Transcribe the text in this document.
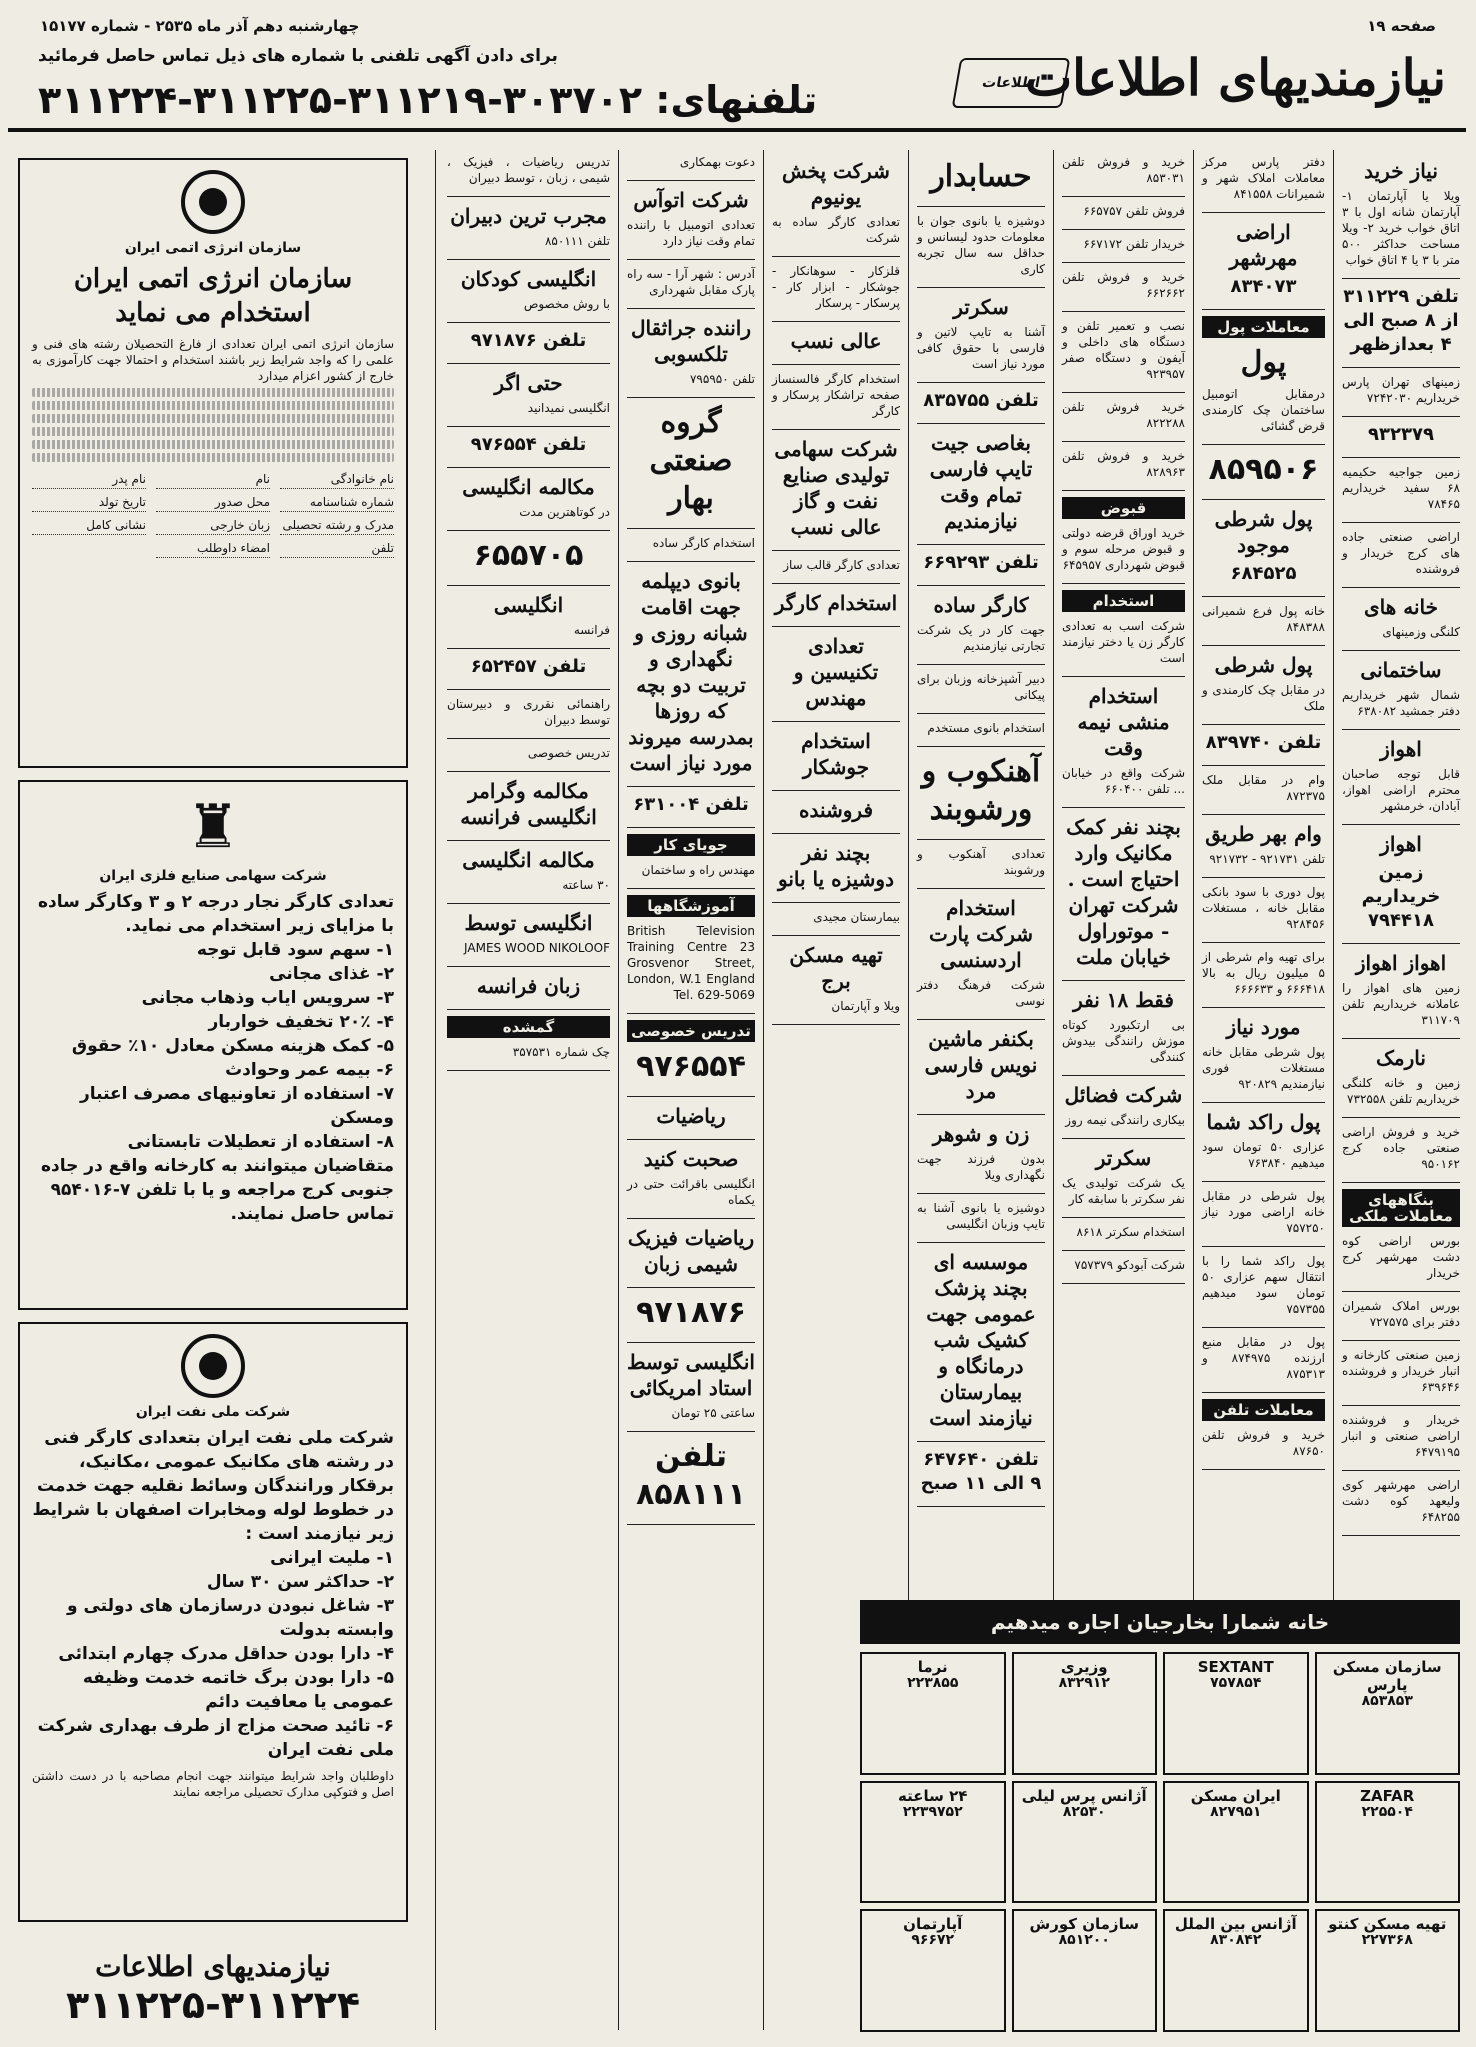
صفحه ۱۹
چهارشنبه دهم آذر ماه ۲۵۳۵ - شماره ۱۵۱۷۷
نیازمندیهای اطلاعات
اطلاعات
برای دادن آگهی تلفنی با شماره های ذیل تماس حاصل فرمائید
تلفنهای: ۳۰۳۷۰۲-۳۱۱۲۱۹-۳۱۱۲۲۵-۳۱۱۲۲۴
نیاز خرید
ویلا یا آپارتمان ۱- آپارتمان شانه اول با ۳ اتاق خواب خرید ۲- ویلا مساحت حداکثر ۵۰۰ متر با ۳ یا ۴ اتاق خواب
تلفن ۳۱۱۲۲۹ از ۸ صبح الی ۴ بعدازظهر
زمینهای تهران پارس خریداریم ۷۲۴۲۰۳۰
۹۳۲۳۷۹
زمین جواجیه حکیمیه ۶۸ سفید خریداریم ۷۸۴۶۵
اراضی صنعتی جاده های کرج خریدار و فروشنده
خانه های
کلنگی وزمینهای
ساختمانی
شمال شهر خریداریم دفتر جمشید ۶۳۸۰۸۲
اهواز
قابل توجه صاحبان محترم اراضی اهواز، آبادان، خرمشهر
اهواز
زمین خریداریم ۷۹۴۴۱۸
اهواز اهواز
زمین های اهواز را عاملانه خریداریم تلفن ۳۱۱۷۰۹
نارمک
زمین و خانه کلنگی خریداریم تلفن ۷۳۲۵۵۸
خرید و فروش اراضی صنعتی جاده کرج ۹۵۰۱۶۲
بنگاههای معاملات ملکی
بورس اراضی کوه دشت مهرشهر کرج خریدار
بورس املاک شمیران دفتر برای ۷۲۷۵۷۵
زمین صنعتی کارخانه و انبار خریدار و فروشنده ۶۳۹۶۴۶
خریدار و فروشنده اراضی صنعتی و انبار ۶۴۷۹۱۹۵
اراضی مهرشهر کوی ولیعهد کوه دشت ۶۴۸۲۵۵
دفتر پارس مرکز معاملات املاک شهر و شمیرانات ۸۴۱۵۵۸
اراضی مهرشهر
۸۳۴۰۷۳
معاملات پول
پول
درمقابل اتومبیل ساختمان چک کارمندی قرض گشائی
۸۵۹۵۰۶
پول شرطی موجود
۶۸۴۵۲۵
خانه پول فرع شمیرانی ۸۴۸۳۸۸
پول شرطی
در مقابل چک کارمندی و ملک
تلفن ۸۳۹۷۴۰
وام در مقابل ملک ۸۷۲۳۷۵
وام بهر طریق
تلفن ۹۲۱۷۳۱ - ۹۲۱۷۳۲
پول دوری با سود بانکی مقابل خانه ، مستغلات ۹۲۸۴۵۶
برای تهیه وام شرطی از ۵ میلیون ریال به بالا ۶۶۶۴۱۸ و ۶۶۶۶۳۳
مورد نیاز
پول شرطی مقابل خانه مستغلات فوری نیازمندیم ۹۲۰۸۲۹
پول راکد شما
عزاری ۵۰ تومان سود میدهیم ۷۶۳۸۴۰
پول شرطی در مقابل خانه اراضی مورد نیاز ۷۵۷۲۵۰
پول راکد شما را با انتقال سهم عزاری ۵۰ تومان سود میدهیم ۷۵۷۳۵۵
پول در مقابل منبع ارزنده ۸۷۴۹۷۵ و ۸۷۵۳۱۳
معاملات تلفن
خرید و فروش تلفن ۸۷۶۵۰
خرید و فروش تلفن ۸۵۳۰۳۱
فروش تلفن ۶۶۵۷۵۷
خریدار تلفن ۶۶۷۱۷۲
خرید و فروش تلفن ۶۶۲۶۶۲
نصب و تعمیر تلفن و دستگاه های داخلی و آیفون و دستگاه صفر ۹۲۳۹۵۷
خرید فروش تلفن ۸۲۲۲۸۸
خرید و فروش تلفن ۸۲۸۹۶۳
قبوض
خرید اوراق قرضه دولتی و قبوض مرحله سوم و قبوض شهرداری ۶۴۵۹۵۷
استخدام
شرکت اسب به تعدادی کارگر زن یا دختر نیازمند است
استخدام منشی نیمه وقت
شرکت واقع در خیابان ... تلفن ۶۶۰۴۰۰
بچند نفر کمک مکانیک وارد احتیاج است . شرکت تهران - موتوراول خیابان ملت
فقط ۱۸ نفر
بی ارتکبورد کوتاه موزش رانندگی بیدوش کنندگی
شرکت فضائل
بیکاری رانندگی نیمه روز
سکرتر
یک شرکت تولیدی یک نفر سکرتر با سابقه کار
استخدام سکرتر ۸۶۱۸
شرکت آبودکو ۷۵۷۳۷۹
حسابدار
دوشیزه یا بانوی جوان با معلومات حدود لیسانس و حداقل سه سال تجربه کاری
سکرتر
آشنا به تایپ لاتین و فارسی با حقوق کافی مورد نیاز است
تلفن ۸۳۵۷۵۵
بغاصی جیت تایپ فارسی تمام وقت نیازمندیم
تلفن ۶۶۹۲۹۳
کارگر ساده
جهت کار در یک شرکت تجارتی نیازمندیم
دبیر آشپزخانه وزبان برای پیکانی
استخدام بانوی مستخدم
آهنکوب و ورشوبند
تعدادی آهنکوب و ورشوبند
استخدام شرکت پارت اردسنسی
شرکت فرهنگ دفتر نوسی
بکنفر ماشین نویس فارسی مرد
زن و شوهر
بدون فرزند جهت نگهداری ویلا
دوشیزه یا بانوی آشنا به تایپ وزبان انگلیسی
موسسه ای بچند پزشک عمومی جهت کشیک شب درمانگاه و بیمارستان نیازمند است
تلفن ۶۴۷۶۴۰ ۹ الی ۱۱ صبح
شرکت پخش یونیوم
تعدادی کارگر ساده به شرکت
قلزکار - سوهانکار - جوشکار - ابزار کار - پرسکار - پرسکار
عالی نسب
استخدام کارگر فالسنساز صفحه تراشکار پرسکار و کارگر
شرکت سهامی تولیدی صنایع نفت و گاز عالی نسب
تعدادی کارگر قالب ساز
استخدام کارگر
تعدادی تکنیسین و مهندس
استخدام جوشکار
فروشنده
بچند نفر دوشیزه یا بانو
بیمارستان مجیدی
تهیه مسکن برج
ویلا و آپارتمان
دعوت بهمکاری
شرکت اتوآس
تعدادی اتومبیل با راننده تمام وقت نیاز دارد
آدرس : شهر آرا - سه راه پارک مقابل شهرداری
راننده جراثقال تلکسوبی
تلفن ۷۹۵۹۵۰
گروه صنعتی بهار
استخدام کارگر ساده
بانوی دیپلمه جهت اقامت شبانه روزی و نگهداری و تربیت دو بچه که روزها بمدرسه میروند مورد نیاز است
تلفن ۶۳۱۰۰۴
جویای کار
مهندس راه و ساختمان
آموزشگاهها
British Television Training Centre 23 Grosvenor Street, London, W.1 England Tel. 629-5069
تدریس خصوصی
۹۷۶۵۵۴
ریاضیات
صحبت کنید
انگلیسی باقرائت حتی در یکماه
ریاضیات فیزیک شیمی زبان
۹۷۱۸۷۶
انگلیسی توسط استاد امریکائی
ساعتی ۲۵ تومان
تلفن ۸۵۸۱۱۱
تدریس ریاضیات ، فیزیک ، شیمی ، زبان ، توسط دبیران
مجرب ترین دبیران
تلفن ۸۵۰۱۱۱
انگلیسی کودکان
با روش مخصوص
تلفن ۹۷۱۸۷۶
حتی اگر
انگلیسی نمیدانید
تلفن ۹۷۶۵۵۴
مکالمه انگلیسی
در کوتاهترین مدت
۶۵۵۷۰۵
انگلیسی
فرانسه
تلفن ۶۵۲۴۵۷
راهنمائی نقرری و دبیرستان توسط دبیران
تدریس خصوصی
مکالمه وگرامر انگلیسی فرانسه
مکالمه انگلیسی
۳۰ ساعته
انگلیسی توسط
JAMES WOOD NIKOLOOF
زبان فرانسه
گمشده
چک شماره ۳۵۷۵۳۱
سازمان انرژی اتمی ایران
سازمان انرژی اتمی ایران
استخدام می نماید
سازمان انرژی اتمی ایران تعدادی از فارغ التحصیلان رشته های فنی و علمی را که واجد شرایط زیر باشند استخدام و احتمالا جهت کارآموزی به خارج از کشور اعزام میدارد
نام خانوادگی
نام
نام پدر
شماره شناسنامه
محل صدور
تاریخ تولد
مدرک و رشته تحصیلی
زبان خارجی
نشانی کامل
تلفن
امضاء داوطلب
♜
شرکت سهامی صنایع فلزی ایران
تعدادی کارگر نجار درجه ۲ و ۳ وکارگر ساده با مزایای زیر استخدام می نماید.
۱- سهم سود قابل توجه
۲- غذای مجانی
۳- سرویس ایاب وذهاب مجانی
۴- ۲۰٪ تخفیف خواربار
۵- کمک هزینه مسکن معادل ۱۰٪ حقوق
۶- بیمه عمر وحوادث
۷- استفاده از تعاونیهای مصرف اعتبار ومسکن
۸- استفاده از تعطیلات تابستانی
متقاضیان میتوانند به کارخانه واقع در جاده جنوبی کرج مراجعه و یا با تلفن ۷-۹۵۴۰۱۶ تماس حاصل نمایند.
شرکت ملی نفت ایران
شرکت ملی نفت ایران بتعدادی کارگر فنی در رشته های مکانیک عمومی ،مکانیک، برقکار ورانندگان وسائط نقلیه جهت خدمت در خطوط لوله ومخابرات اصفهان با شرایط زیر نیازمند است :
۱- ملیت ایرانی
۲- حداکثر سن ۳۰ سال
۳- شاغل نبودن درسازمان های دولتی و وابسته بدولت
۴- دارا بودن حداقل مدرک چهارم ابتدائی
۵- دارا بودن برگ خاتمه خدمت وظیفه عمومی یا معافیت دائم
۶- تائید صحت مزاج از طرف بهداری شرکت ملی نفت ایران
داوطلبان واجد شرایط میتوانند جهت انجام مصاحبه با در دست داشتن اصل و فتوکپی مدارک تحصیلی مراجعه نمایند
نیازمندیهای اطلاعات
۳۱۱۲۲۵-۳۱۱۲۲۴
خانه شمارا بخارجیان اجاره میدهیم
سازمان مسکن پارس
۸۵۳۸۵۳
SEXTANT
۷۵۷۸۵۴
وزیری
۸۳۲۹۱۲
نرما
۲۲۳۸۵۵
ZAFAR
۲۲۵۵۰۴
ایران مسکن
۸۲۷۹۵۱
آژانس پرس لیلی
۸۲۵۳۰
۲۴ ساعته
۲۲۳۹۷۵۲
تهیه مسکن کنتو
۲۲۷۳۶۸
آژانس بین الملل
۸۳۰۸۴۲
سازمان کورش
۸۵۱۲۰۰
آپارتمان
۹۶۶۷۲
